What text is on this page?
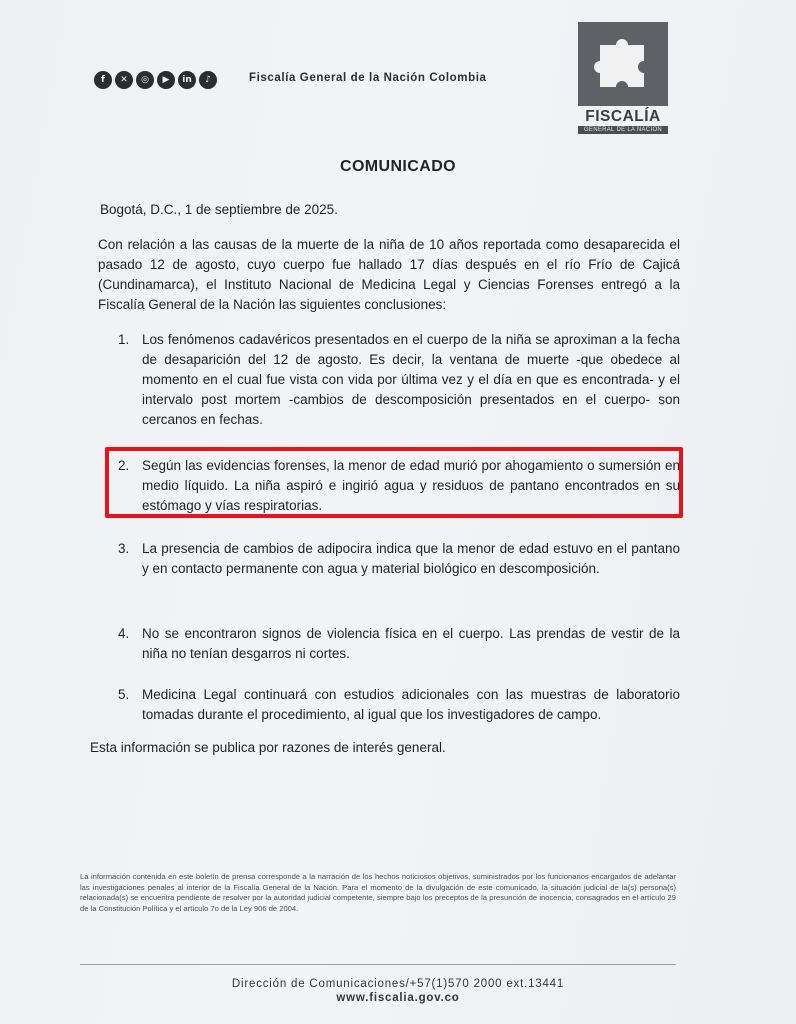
f	✕	◎	▶	in	♪	Fiscalía General de la Nación Colombia
FISCALÍA
GENERAL DE LA NACIÓN
COMUNICADO
Bogotá, D.C., 1 de septiembre de 2025.
Con relación a las causas de la muerte de la niña de 10 años reportada como desaparecida el pasado 12 de agosto, cuyo cuerpo fue hallado 17 días después en el río Frío de Cajicá (Cundinamarca), el Instituto Nacional de Medicina Legal y Ciencias Forenses entregó a la Fiscalía General de la Nación las siguientes conclusiones:
1. Los fenómenos cadavéricos presentados en el cuerpo de la niña se aproximan a la fecha de desaparición del 12 de agosto. Es decir, la ventana de muerte -que obedece al momento en el cual fue vista con vida por última vez y el día en que es encontrada- y el intervalo post mortem -cambios de descomposición presentados en el cuerpo- son cercanos en fechas.
2. Según las evidencias forenses, la menor de edad murió por ahogamiento o sumersión en medio líquido. La niña aspiró e ingirió agua y residuos de pantano encontrados en su estómago y vías respiratorias.
3. La presencia de cambios de adipocira indica que la menor de edad estuvo en el pantano y en contacto permanente con agua y material biológico en descomposición.
4. No se encontraron signos de violencia física en el cuerpo. Las prendas de vestir de la niña no tenían desgarros ni cortes.
5. Medicina Legal continuará con estudios adicionales con las muestras de laboratorio tomadas durante el procedimiento, al igual que los investigadores de campo.
Esta información se publica por razones de interés general.
La información contenida en este boletín de prensa corresponde a la narración de los hechos noticiosos objetivos, suministrados por los funcionarios encargados de adelantar las investigaciones penales al interior de la Fiscalía General de la Nación. Para el momento de la divulgación de este comunicado, la situación judicial de la(s) persona(s) relacionada(s) se encuentra pendiente de resolver por la autoridad judicial competente, siempre bajo los preceptos de la presunción de inocencia, consagrados en el artículo 29 de la Constitución Política y el artículo 7o de la Ley 906 de 2004.
Dirección de Comunicaciones/+57(1)570 2000 ext.13441
www.fiscalia.gov.co
